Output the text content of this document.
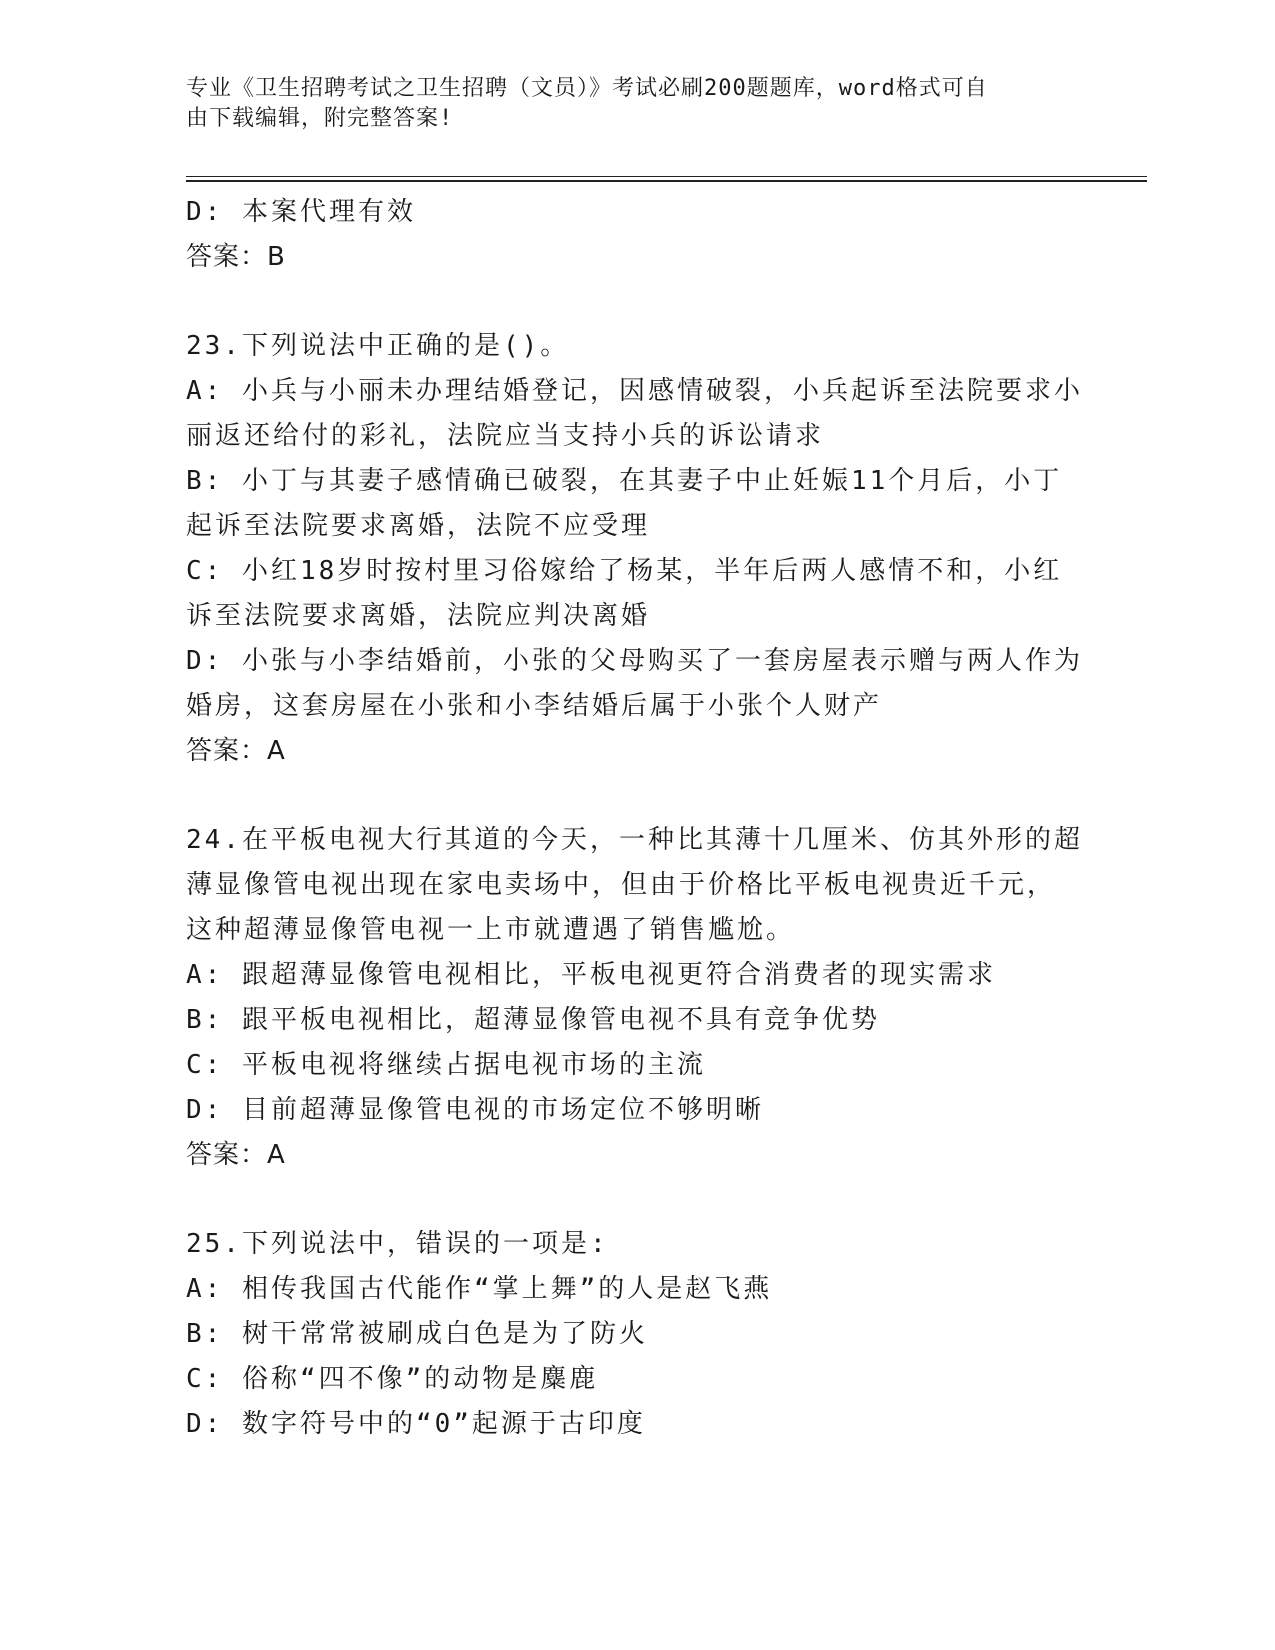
专业《卫生招聘考试之卫生招聘（文员）》考试必刷200题题库，word格式可自
由下载编辑，附完整答案!
D: 本案代理有效
答案：B
23.下列说法中正确的是()。
A: 小兵与小丽未办理结婚登记，因感情破裂，小兵起诉至法院要求小
丽返还给付的彩礼，法院应当支持小兵的诉讼请求
B: 小丁与其妻子感情确已破裂，在其妻子中止妊娠11个月后，小丁
起诉至法院要求离婚，法院不应受理
C: 小红18岁时按村里习俗嫁给了杨某，半年后两人感情不和，小红
诉至法院要求离婚，法院应判决离婚
D: 小张与小李结婚前，小张的父母购买了一套房屋表示赠与两人作为
婚房，这套房屋在小张和小李结婚后属于小张个人财产
答案：A
24.在平板电视大行其道的今天，一种比其薄十几厘米、仿其外形的超
薄显像管电视出现在家电卖场中，但由于价格比平板电视贵近千元，
这种超薄显像管电视一上市就遭遇了销售尴尬。
A: 跟超薄显像管电视相比，平板电视更符合消费者的现实需求
B: 跟平板电视相比，超薄显像管电视不具有竞争优势
C: 平板电视将继续占据电视市场的主流
D: 目前超薄显像管电视的市场定位不够明晰
答案：A
25.下列说法中，错误的一项是:
A: 相传我国古代能作“掌上舞”的人是赵飞燕
B: 树干常常被刷成白色是为了防火
C: 俗称“四不像”的动物是麋鹿
D: 数字符号中的“0”起源于古印度
